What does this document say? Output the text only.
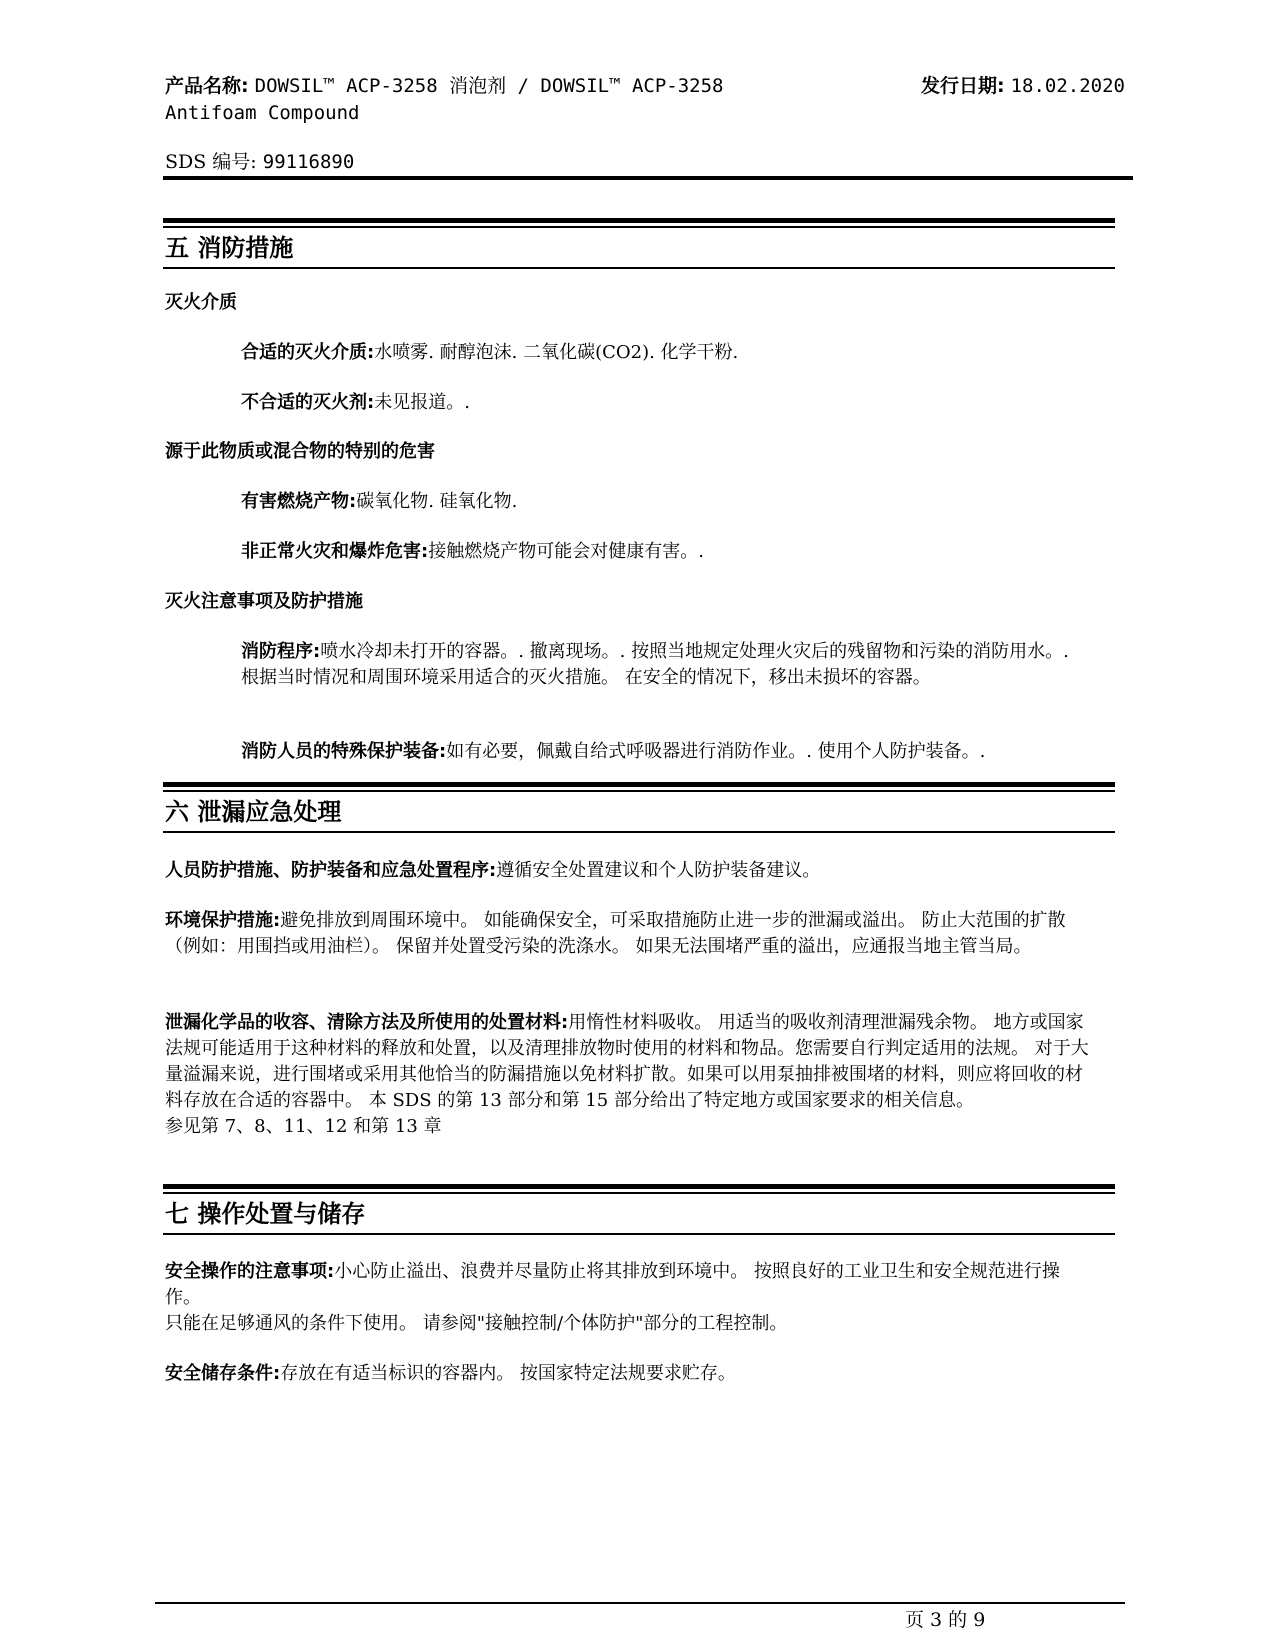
产品名称: DOWSIL™ ACP-3258 消泡剂 / DOWSIL™ ACP-3258 Antifoam Compound
发行日期: 18.02.2020
SDS 编号: 99116890
五 消防措施
灭火介质
合适的灭火介质:水喷雾. 耐醇泡沫. 二氧化碳(CO2). 化学干粉.
不合适的灭火剂:未见报道。.
源于此物质或混合物的特别的危害
有害燃烧产物:碳氧化物. 硅氧化物.
非正常火灾和爆炸危害:接触燃烧产物可能会对健康有害。.
灭火注意事项及防护措施

消防程序:喷水冷却未打开的容器。. 撤离现场。. 按照当地规定处理火灾后的残留物和污染的消防用水。.

根据当时情况和周围环境采用适合的灭火措施。 在安全的情况下，移出未损坏的容器。

消防人员的特殊保护装备:如有必要，佩戴自给式呼吸器进行消防作业。. 使用个人防护装备。.
六 泄漏应急处理
人员防护措施、防护装备和应急处置程序:遵循安全处置建议和个人防护装备建议。
环境保护措施:避免排放到周围环境中。 如能确保安全，可采取措施防止进一步的泄漏或溢出。 防止大范围的扩散（例如：用围挡或用油栏）。 保留并处置受污染的洗涤水。 如果无法围堵严重的溢出，应通报当地主管当局。

泄漏化学品的收容、清除方法及所使用的处置材料:用惰性材料吸收。 用适当的吸收剂清理泄漏残余物。 地方或国家法规可能适用于这种材料的释放和处置，以及清理排放物时使用的材料和物品。您需要自行判定适用的法规。 对于大量溢漏来说，进行围堵或采用其他恰当的防漏措施以免材料扩散。如果可以用泵抽排被围堵的材料，则应将回收的材料存放在合适的容器中。 本 SDS 的第 13 部分和第 15 部分给出了特定地方或国家要求的相关信息。

参见第 7、8、11、12 和第 13 章

七 操作处置与储存

安全操作的注意事项:小心防止溢出、浪费并尽量防止将其排放到环境中。 按照良好的工业卫生和安全规范进行操作。

只能在足够通风的条件下使用。 请参阅"接触控制/个体防护"部分的工程控制。

安全储存条件:存放在有适当标识的容器内。 按国家特定法规要求贮存。
页 3 的 9
